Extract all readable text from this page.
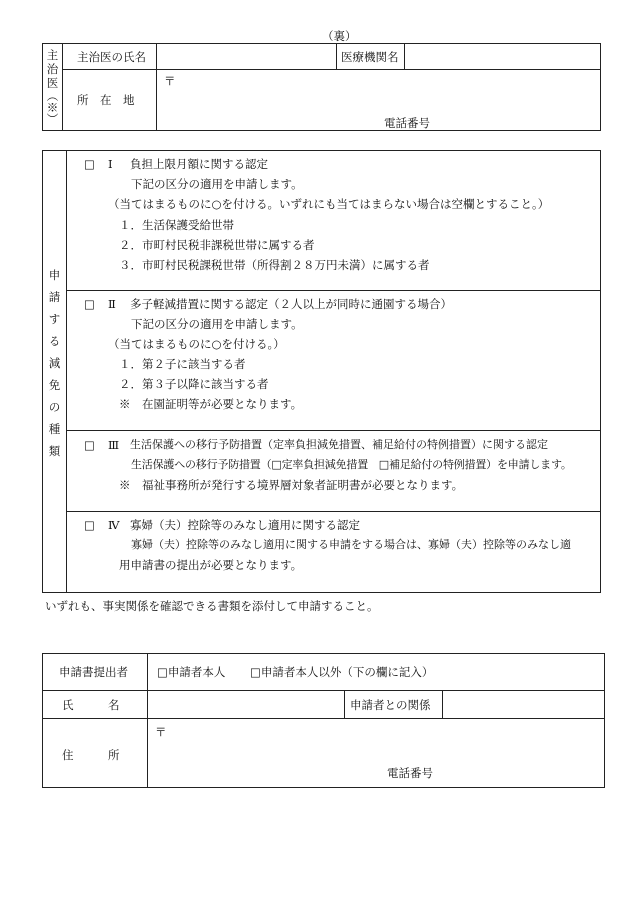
（裏）
主
治
医
（※）
主治医の氏名	医療機関名
所　在　地
〒
電話番号
申
請
す
る
減
免
の
種
類
□ Ⅰ 負担上限月額に関する認定
下記の区分の適用を申請します。
（当てはまるものに○を付ける。いずれにも当てはまらない場合は空欄とすること。）
１．生活保護受給世帯
２．市町村民税非課税世帯に属する者
３．市町村民税課税世帯（所得割２８万円未満）に属する者
□ Ⅱ 多子軽減措置に関する認定（２人以上が同時に通園する場合）
下記の区分の適用を申請します。
（当てはまるものに○を付ける。）
１．第２子に該当する者
２．第３子以降に該当する者
※　在園証明等が必要となります。
□ Ⅲ 生活保護への移行予防措置（定率負担減免措置、補足給付の特例措置）に関する認定
生活保護への移行予防措置（□定率負担減免措置　□補足給付の特例措置）を申請します。
※　福祉事務所が発行する境界層対象者証明書が必要となります。
□ Ⅳ 寡婦（夫）控除等のみなし適用に関する認定
寡婦（夫）控除等のみなし適用に関する申請をする場合は、寡婦（夫）控除等のみなし適
用申請書の提出が必要となります。
いずれも、事実関係を確認できる書類を添付して申請すること。
申請書提出者	□申請者本人 □申請者本人以外（下の欄に記入）
氏　　　名	申請者との関係
住　　　所
〒
電話番号
